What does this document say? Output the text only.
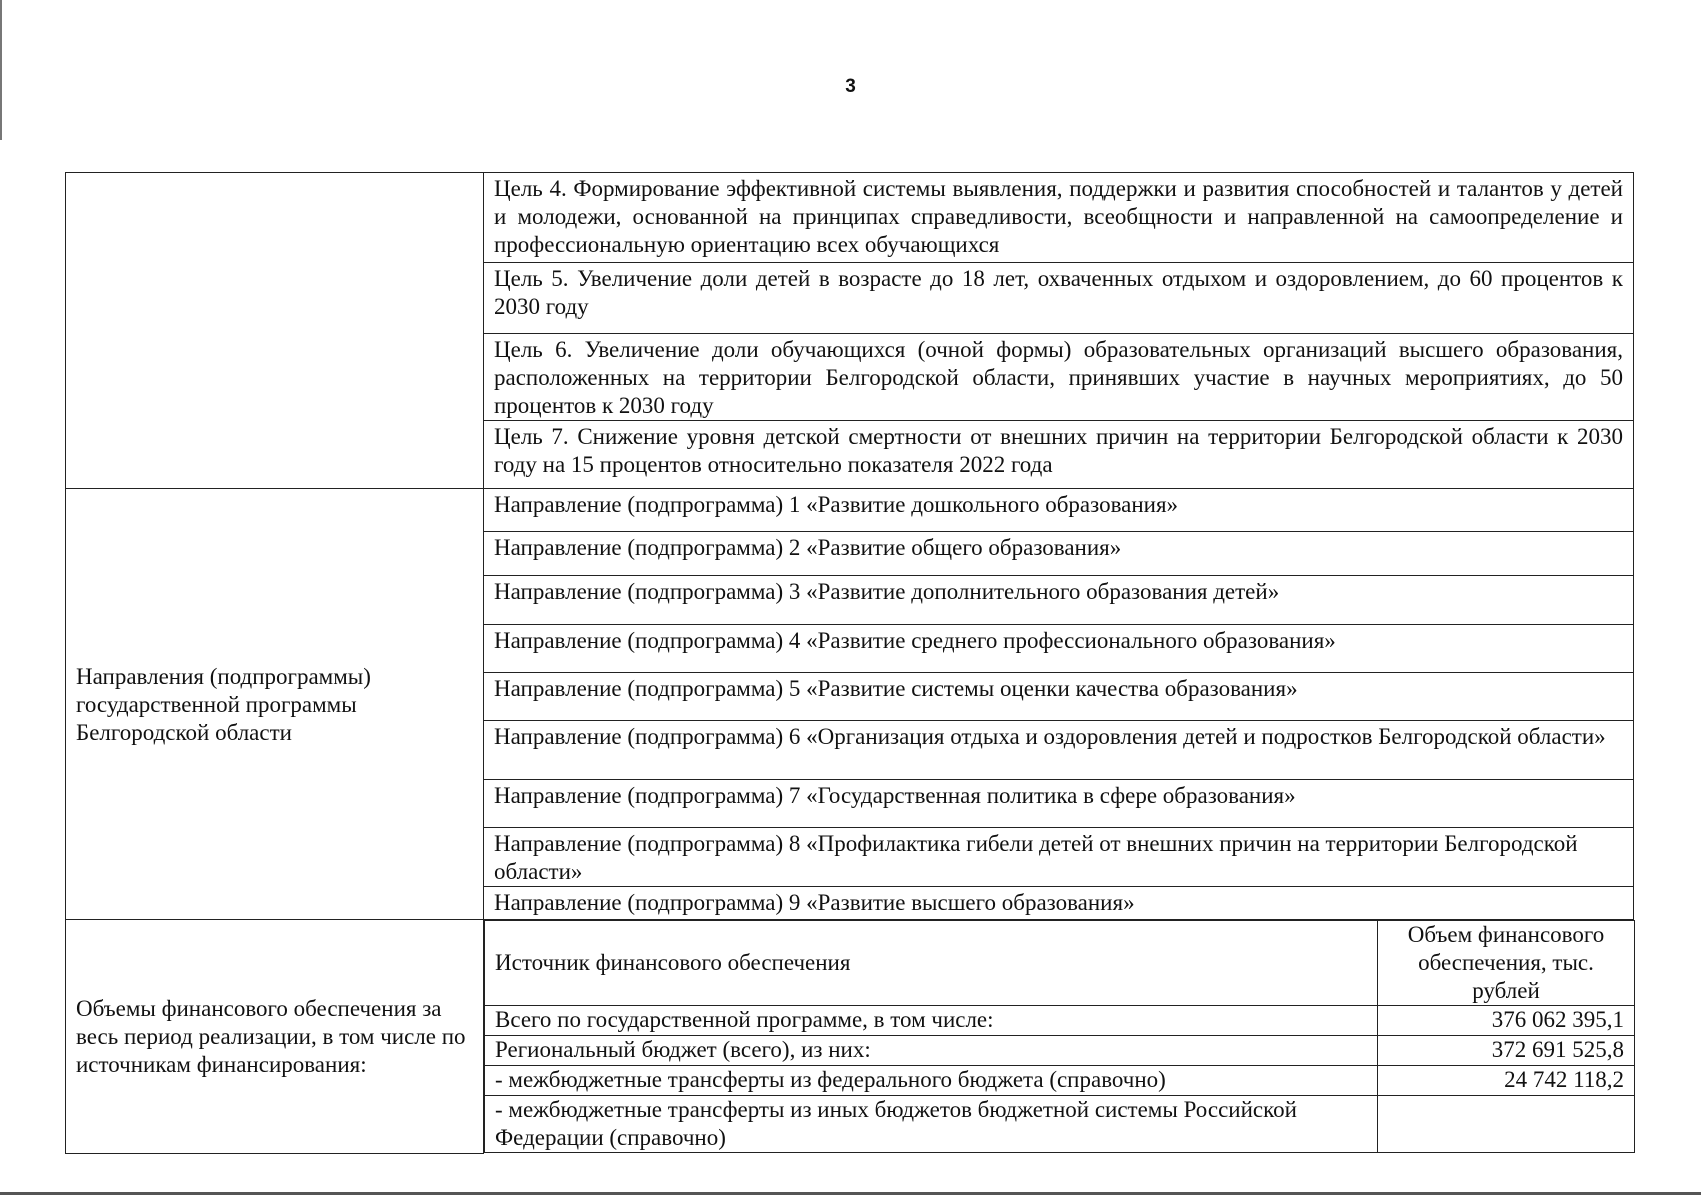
3
	Цель 4. Формирование эффективной системы выявления, поддержки и развития способностей и талантов у детей и молодежи, основанной на принципах справедливости, всеобщности и направленной на самоопределение и профессиональную ориентацию всех обучающихся
Цель 5. Увеличение доли детей в возрасте до 18 лет, охваченных отдыхом и оздоровлением, до 60 процентов к 2030 году
Цель 6. Увеличение доли обучающихся (очной формы) образовательных организаций высшего образования, расположенных на территории Белгородской области, принявших участие в научных мероприятиях, до 50 процентов к 2030 году
Цель 7. Снижение уровня детской смертности от внешних причин на территории Белгородской области к 2030 году на 15 процентов относительно показателя 2022 года
Направления (подпрограммы) государственной программы Белгородской области	Направление (подпрограмма) 1 «Развитие дошкольного образования»
Направление (подпрограмма) 2 «Развитие общего образования»
Направление (подпрограмма) 3 «Развитие дополнительного образования детей»
Направление (подпрограмма) 4 «Развитие среднего профессионального образования»
Направление (подпрограмма) 5 «Развитие системы оценки качества образования»
Направление (подпрограмма) 6 «Организация отдыха и оздоровления детей и подростков Белгородской области»
Направление (подпрограмма) 7 «Государственная политика в сфере образования»
Направление (подпрограмма) 8 «Профилактика гибели детей от внешних причин на территории Белгородской области»
Направление (подпрограмма) 9 «Развитие высшего образования»
Объемы финансового обеспечения за весь период реализации, в том числе по источникам финансирования:	
Источник финансового обеспечения	Объем финансового обеспечения, тыс. рублей
Всего по государственной программе, в том числе:	376 062 395,1
Региональный бюджет (всего), из них:	372 691 525,8
- межбюджетные трансферты из федерального бюджета (справочно)	24 742 118,2
- межбюджетные трансферты из иных бюджетов бюджетной системы Российской Федерации (справочно)	
